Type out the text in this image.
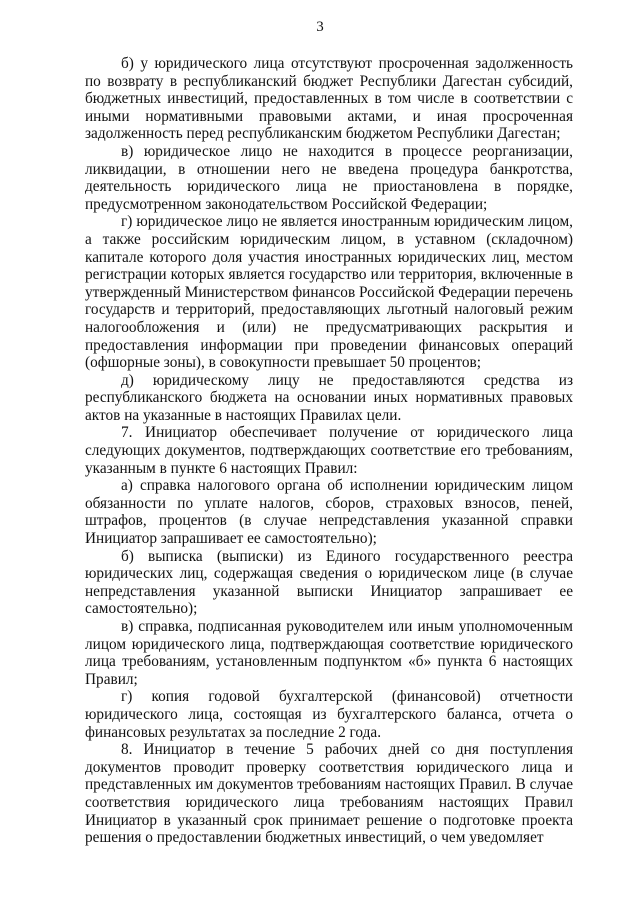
3

б) у юридического лица отсутствуют просроченная задолженность по возврату в республиканский бюджет Республики Дагестан субсидий, бюджетных инвестиций, предоставленных в том числе в соответствии с иными нормативными правовыми актами, и иная просроченная задолженность перед республиканским бюджетом Республики Дагестан;

в) юридическое лицо не находится в процессе реорганизации, ликвидации, в отношении него не введена процедура банкротства, деятельность юридического лица не приостановлена в порядке, предусмотренном законодательством Российской Федерации;

г) юридическое лицо не является иностранным юридическим лицом, а также российским юридическим лицом, в уставном (складочном) капитале которого доля участия иностранных юридических лиц, местом регистрации которых является государство или территория, включенные в утвержденный Министерством финансов Российской Федерации перечень государств и территорий, предоставляющих льготный налоговый режим налогообложения и (или) не предусматривающих раскрытия и предоставления информации при проведении финансовых операций (офшорные зоны), в совокупности превышает 50 процентов;

д) юридическому лицу не предоставляются средства из республиканского бюджета на основании иных нормативных правовых актов на указанные в настоящих Правилах цели.

7. Инициатор обеспечивает получение от юридического лица следующих документов, подтверждающих соответствие его требованиям, указанным в пункте 6 настоящих Правил:

а) справка налогового органа об исполнении юридическим лицом обязанности по уплате налогов, сборов, страховых взносов, пеней, штрафов, процентов (в случае непредставления указанной справки Инициатор запрашивает ее самостоятельно);

б) выписка (выписки) из Единого государственного реестра юридических лиц, содержащая сведения о юридическом лице (в случае непредставления указанной выписки Инициатор запрашивает ее самостоятельно);

в) справка, подписанная руководителем или иным уполномоченным лицом юридического лица, подтверждающая соответствие юридического лица требованиям, установленным подпунктом «б» пункта 6 настоящих Правил;

г) копия годовой бухгалтерской (финансовой) отчетности юридического лица, состоящая из бухгалтерского баланса, отчета о финансовых результатах за последние 2 года.

8. Инициатор в течение 5 рабочих дней со дня поступления документов проводит проверку соответствия юридического лица и представленных им документов требованиям настоящих Правил. В случае соответствия юридического лица требованиям настоящих Правил Инициатор в указанный срок принимает решение о подготовке проекта решения о предоставлении бюджетных инвестиций, о чем уведомляет
